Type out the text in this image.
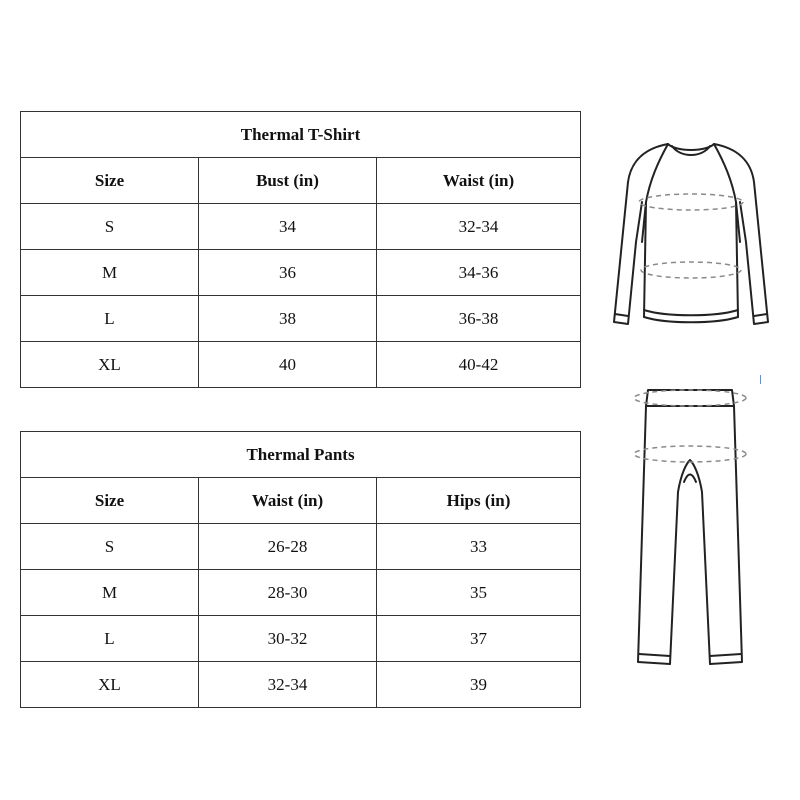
Thermal T-Shirt		
Size	Bust (in)	Waist (in)
S	34	32-34
M	36	34-36
L	38	36-38
XL	40	40-42
Thermal Pants		
Size	Waist (in)	Hips (in)
S	26-28	33
M	28-30	35
L	30-32	37
XL	32-34	39
